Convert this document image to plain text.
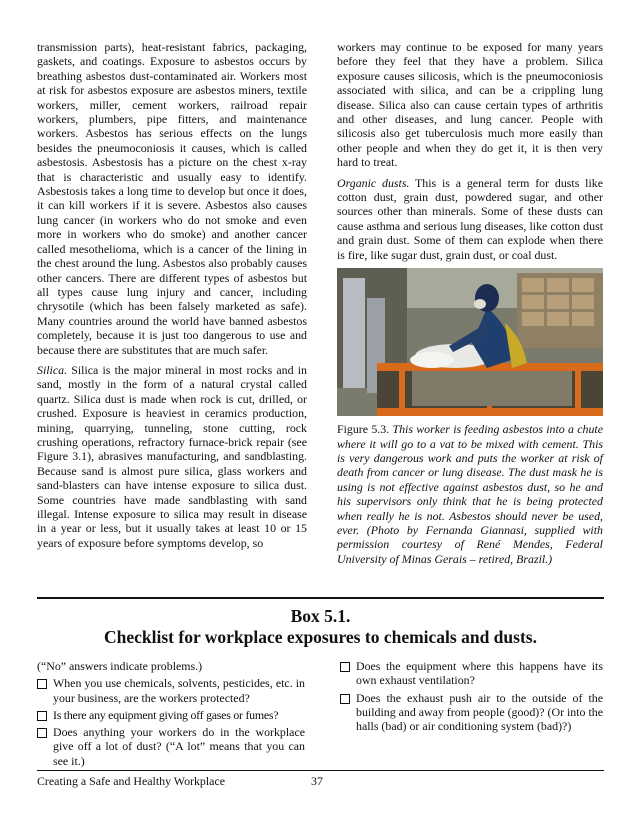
transmission parts), heat-resistant fabrics, packaging, gaskets, and coatings. Exposure to asbestos occurs by breathing asbestos dust-contaminated air. Workers most at risk for asbestos exposure are asbestos miners, textile workers, miller, cement workers, railroad repair workers, plumbers, pipe fitters, and maintenance workers. Asbestos has serious effects on the lungs besides the pneumoconiosis it causes, which is called asbestosis. Asbestosis has a picture on the chest x-ray that is characteristic and usually easy to identify. Asbestosis takes a long time to develop but once it does, it can kill workers if it is severe. Asbestos also causes lung cancer (in workers who do not smoke and even more in workers who do smoke) and another cancer called mesothelioma, which is a cancer of the lining in the chest around the lung. Asbestos also probably causes other cancers. There are different types of asbestos but all types cause lung injury and cancer, including chrysotile (which has been falsely marketed as safe). Many countries around the world have banned asbestos completely, because it is just too dangerous to use and because there are substitutes that are much safer.

Silica. Silica is the major mineral in most rocks and in sand, mostly in the form of a natural crystal called quartz. Silica dust is made when rock is cut, drilled, or crushed. Exposure is heaviest in ceramics production, mining, quarrying, tunneling, stone cutting, rock crushing operations, refractory furnace-brick repair (see Figure 3.1), abrasives manufacturing, and sandblasting. Because sand is almost pure silica, glass workers and sand-blasters can have intense exposure to silica dust. Some countries have made sandblasting with sand illegal. Intense exposure to silica may result in disease in a year or less, but it usually takes at least 10 or 15 years of exposure before symptoms develop, so

workers may continue to be exposed for many years before they feel that they have a problem. Silica exposure causes silicosis, which is the pneumoconiosis associated with silica, and can be a crippling lung disease. Silica also can cause certain types of arthritis and other diseases, and lung cancer. People with silicosis also get tuberculosis much more easily than other people and when they do get it, it is then very hard to treat.

Organic dusts. This is a general term for dusts like cotton dust, grain dust, powdered sugar, and other sources other than minerals. Some of these dusts can cause asthma and serious lung diseases, like cotton dust and grain dust. Some of them can explode when there is fire, like sugar dust, grain dust, or coal dust.

Figure 5.3. This worker is feeding asbestos into a chute where it will go to a vat to be mixed with cement. This is very dangerous work and puts the worker at risk of death from cancer or lung disease. The dust mask he is using is not effective against asbestos dust, so he and his supervisors only think that he is being protected when really he is not. Asbestos should never be used, ever. (Photo by Fernanda Giannasi, supplied with permission courtesy of René Mendes, Federal University of Minas Gerais – retired, Brazil.)

Box 5.1.
Checklist for workplace exposures to chemicals and dusts.
(“No” answers indicate problems.)
When you use chemicals, solvents, pesticides, etc. in your business, are the workers protected?
Is there any equipment giving off gases or fumes?
Does anything your workers do in the workplace give off a lot of dust? (“A lot” means that you can see it.)
Does the equipment where this happens have its own exhaust ventilation?
Does the exhaust push air to the outside of the building and away from people (good)? (Or into the halls (bad) or air conditioning system (bad)?)
Creating a Safe and Healthy Workplace	37
